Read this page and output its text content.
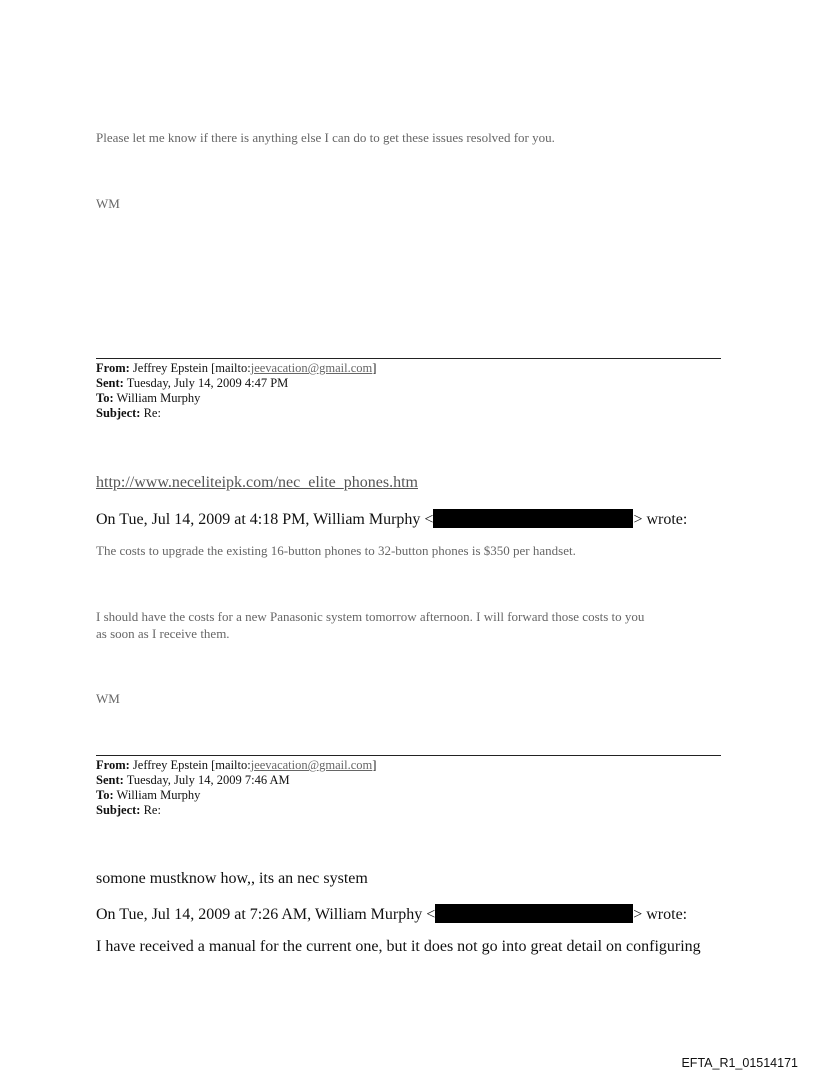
Please let me know if there is anything else I can do to get these issues resolved for you.
WM
From: Jeffrey Epstein [mailto:jeevacation@gmail.com]
Sent: Tuesday, July 14, 2009 4:47 PM
To: William Murphy
Subject: Re:
http://www.neceliteipk.com/nec_elite_phones.htm
On Tue, Jul 14, 2009 at 4:18 PM, William Murphy <	> wrote:
The costs to upgrade the existing 16-button phones to 32-button phones is $350 per handset.
I should have the costs for a new Panasonic system tomorrow afternoon. I will forward those costs to you
as soon as I receive them.
WM
From: Jeffrey Epstein [mailto:jeevacation@gmail.com]
Sent: Tuesday, July 14, 2009 7:46 AM
To: William Murphy
Subject: Re:
somone mustknow how,, its an nec system
On Tue, Jul 14, 2009 at 7:26 AM, William Murphy <	> wrote:
I have received a manual for the current one, but it does not go into great detail on configuring
EFTA_R1_01514171
